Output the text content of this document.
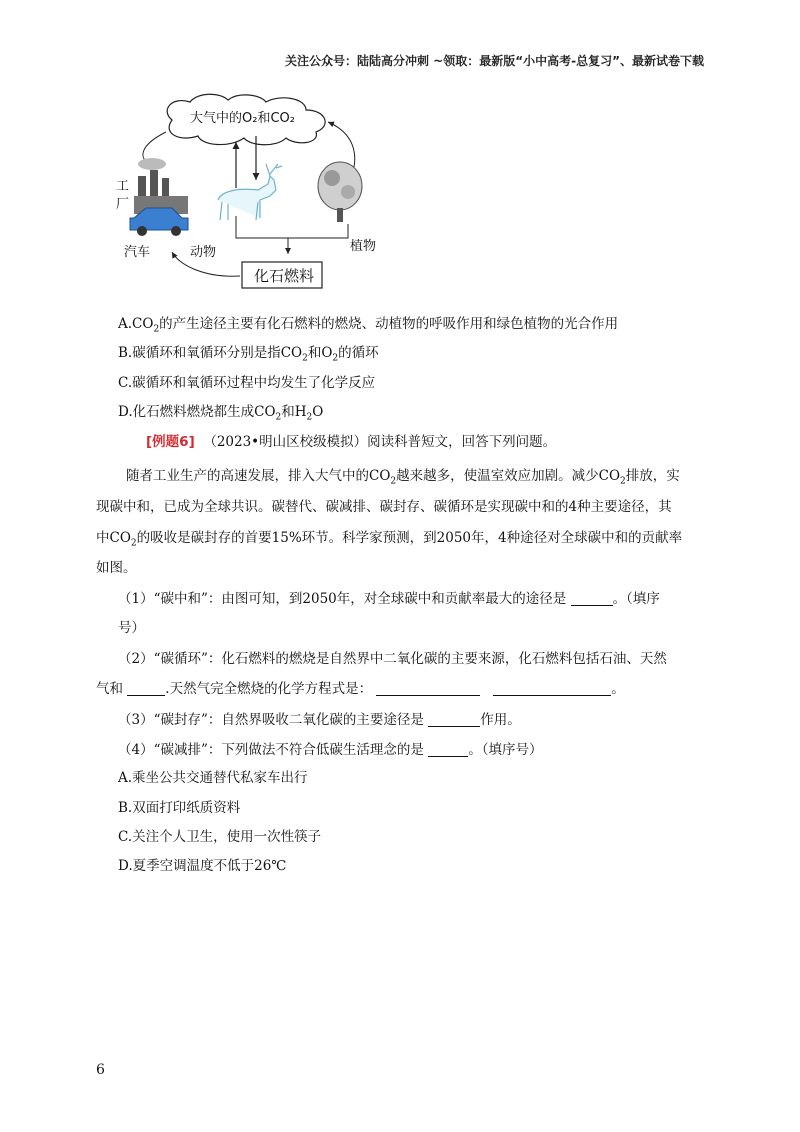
关注公众号：陆陆高分冲刺 ~领取：最新版“小中高考-总复习”、最新试卷下载
大气中的O₂和CO₂
工
厂
汽车	动物	植物
化石燃料
$A.CO_2$的产生途径主要有化石燃料的燃烧、动植物的呼吸作用和绿色植物的光合作用
B.碳循环和氧循环分别是指$CO_2$和$O_2$的循环
C.碳循环和氧循环过程中均发生了化学反应
D.化石燃料燃烧都生成$CO_2$和$H_2O$
[例题6] （2023•明山区校级模拟）阅读科普短文，回答下列问题。
随者工业生产的高速发展，排入大气中的$CO_2$越来越多，使温室效应加剧。减少$CO_2$排放，实
现碳中和，已成为全球共识。碳替代、碳减排、碳封存、碳循环是实现碳中和的4种主要途径，其
中$CO_2$的吸收是碳封存的首要15%环节。科学家预测，到2050年，4种途径对全球碳中和的贡献率
如图。
（1）“碳中和”：由图可知，到2050年，对全球碳中和贡献率最大的途径是	。（填序
号）
（2）“碳循环”：化石燃料的燃烧是自然界中二氧化碳的主要来源，化石燃料包括石油、天然
气和	.天然气完全燃烧的化学方程式是：	。
（3）“碳封存”：自然界吸收二氧化碳的主要途径是	作用。
（4）“碳减排”：下列做法不符合低碳生活理念的是	。（填序号）
A.乘坐公共交通替代私家车出行
B.双面打印纸质资料
C.关注个人卫生，使用一次性筷子
D.夏季空调温度不低于26℃
6
